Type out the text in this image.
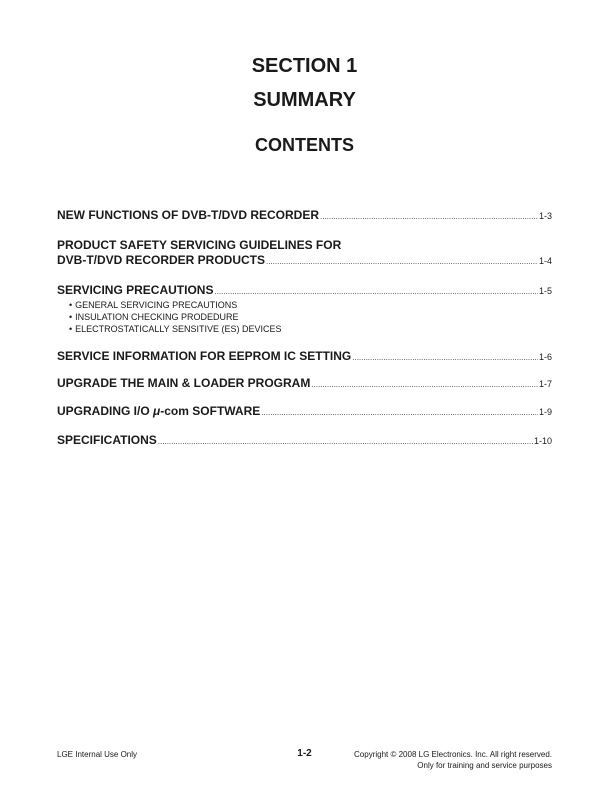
SECTION 1
SUMMARY
CONTENTS
NEW FUNCTIONS OF DVB-T/DVD RECORDER .....	1-3
PRODUCT SAFETY SERVICING GUIDELINES FOR
DVB-T/DVD RECORDER PRODUCTS .....	1-4
SERVICING PRECAUTIONS .....	1-5
• GENERAL SERVICING PRECAUTIONS
• INSULATION CHECKING PRODEDURE
• ELECTROSTATICALLY SENSITIVE (ES) DEVICES
SERVICE INFORMATION FOR EEPROM IC SETTING .....	1-6
UPGRADE THE MAIN & LOADER PROGRAM .....	1-7
UPGRADING I/O μ-com SOFTWARE .....	1-9
SPECIFICATIONS .....	1-10
LGE Internal Use Only	1-2	Copyright © 2008 LG Electronics. Inc. All right reserved.
Only for training and service purposes
